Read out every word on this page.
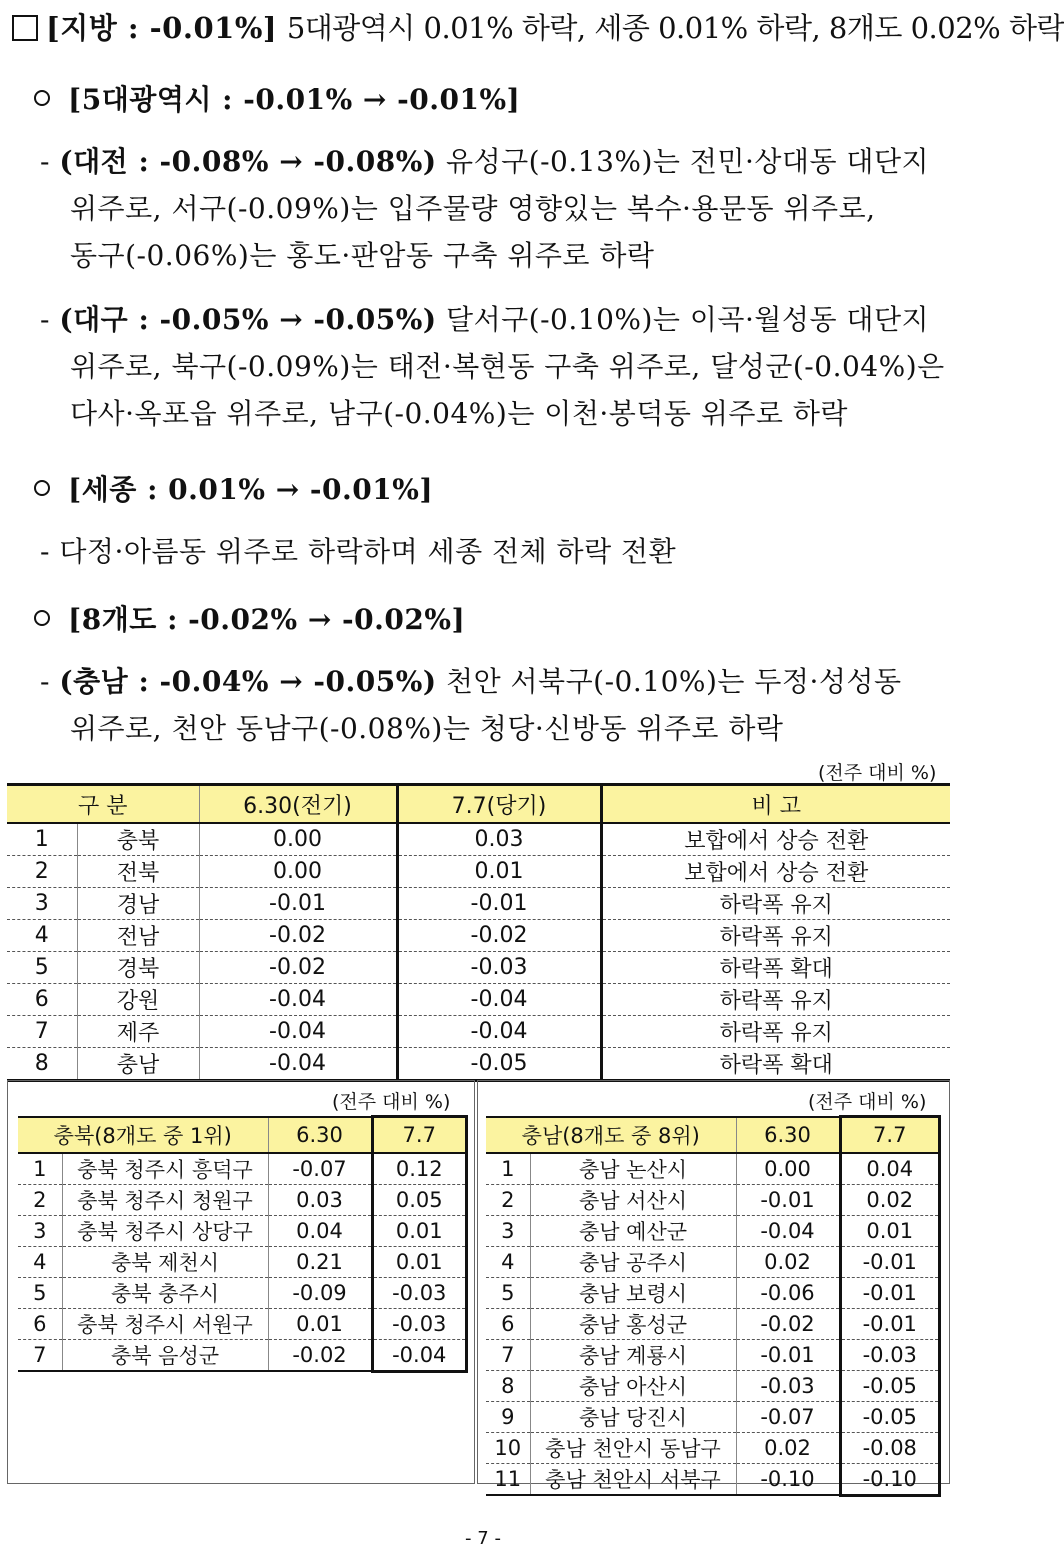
[지방 : -0.01%] 5대광역시 0.01% 하락, 세종 0.01% 하락, 8개도 0.02% 하락
[5대광역시 : -0.01% → -0.01%]
- (대전 : -0.08% → -0.08%) 유성구(-0.13%)는 전민·상대동 대단지
위주로, 서구(-0.09%)는 입주물량 영향있는 복수·용문동 위주로,
동구(-0.06%)는 홍도·판암동 구축 위주로 하락
- (대구 : -0.05% → -0.05%) 달서구(-0.10%)는 이곡·월성동 대단지
위주로, 북구(-0.09%)는 태전·복현동 구축 위주로, 달성군(-0.04%)은
다사·옥포읍 위주로, 남구(-0.04%)는 이천·봉덕동 위주로 하락
[세종 : 0.01% → -0.01%]
- 다정·아름동 위주로 하락하며 세종 전체 하락 전환
[8개도 : -0.02% → -0.02%]
- (충남 : -0.04% → -0.05%) 천안 서북구(-0.10%)는 두정·성성동
위주로, 천안 동남구(-0.08%)는 청당·신방동 위주로 하락
(전주 대비 %)
구 분		6.30(전기)	7.7(당기)	비 고
1	충북	0.00	0.03	보합에서 상승 전환
2	전북	0.00	0.01	보합에서 상승 전환
3	경남	-0.01	-0.01	하락폭 유지
4	전남	-0.02	-0.02	하락폭 유지
5	경북	-0.02	-0.03	하락폭 확대
6	강원	-0.04	-0.04	하락폭 유지
7	제주	-0.04	-0.04	하락폭 유지
8	충남	-0.04	-0.05	하락폭 확대
(전주 대비 %)
충북(8개도 중 1위)		6.30	7.7
1	충북 청주시 흥덕구	-0.07	0.12
2	충북 청주시 청원구	0.03	0.05
3	충북 청주시 상당구	0.04	0.01
4	충북 제천시	0.21	0.01
5	충북 충주시	-0.09	-0.03
6	충북 청주시 서원구	0.01	-0.03
7	충북 음성군	-0.02	-0.04
(전주 대비 %)
충남(8개도 중 8위)		6.30	7.7
1	충남 논산시	0.00	0.04
2	충남 서산시	-0.01	0.02
3	충남 예산군	-0.04	0.01
4	충남 공주시	0.02	-0.01
5	충남 보령시	-0.06	-0.01
6	충남 홍성군	-0.02	-0.01
7	충남 계룡시	-0.01	-0.03
8	충남 아산시	-0.03	-0.05
9	충남 당진시	-0.07	-0.05
10	충남 천안시 동남구	0.02	-0.08
11	충남 천안시 서북구	-0.10	-0.10
- 7 -
